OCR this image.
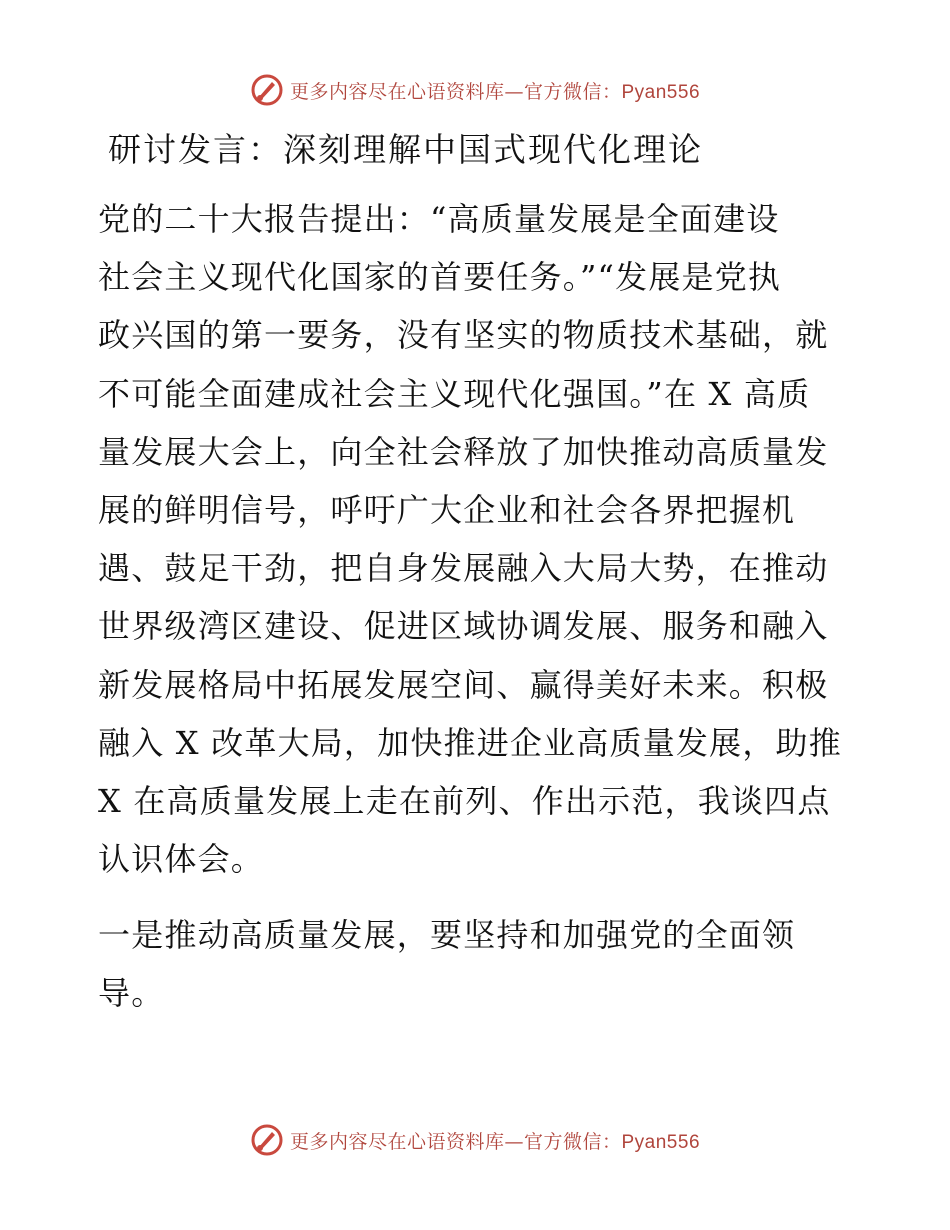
更多内容尽在心语资料库—官方微信：Pyan556
研讨发言：深刻理解中国式现代化理论
党的二十大报告提出：“高质量发展是全面建设
社会主义现代化国家的首要任务。”“发展是党执
政兴国的第一要务，没有坚实的物质技术基础，就
不可能全面建成社会主义现代化强国。”在 X 高质
量发展大会上，向全社会释放了加快推动高质量发
展的鲜明信号，呼吁广大企业和社会各界把握机
遇、鼓足干劲，把自身发展融入大局大势，在推动
世界级湾区建设、促进区域协调发展、服务和融入
新发展格局中拓展发展空间、赢得美好未来。积极
融入 X 改革大局，加快推进企业高质量发展，助推
X 在高质量发展上走在前列、作出示范，我谈四点
认识体会。
一是推动高质量发展，要坚持和加强党的全面领
导。
更多内容尽在心语资料库—官方微信：Pyan556
